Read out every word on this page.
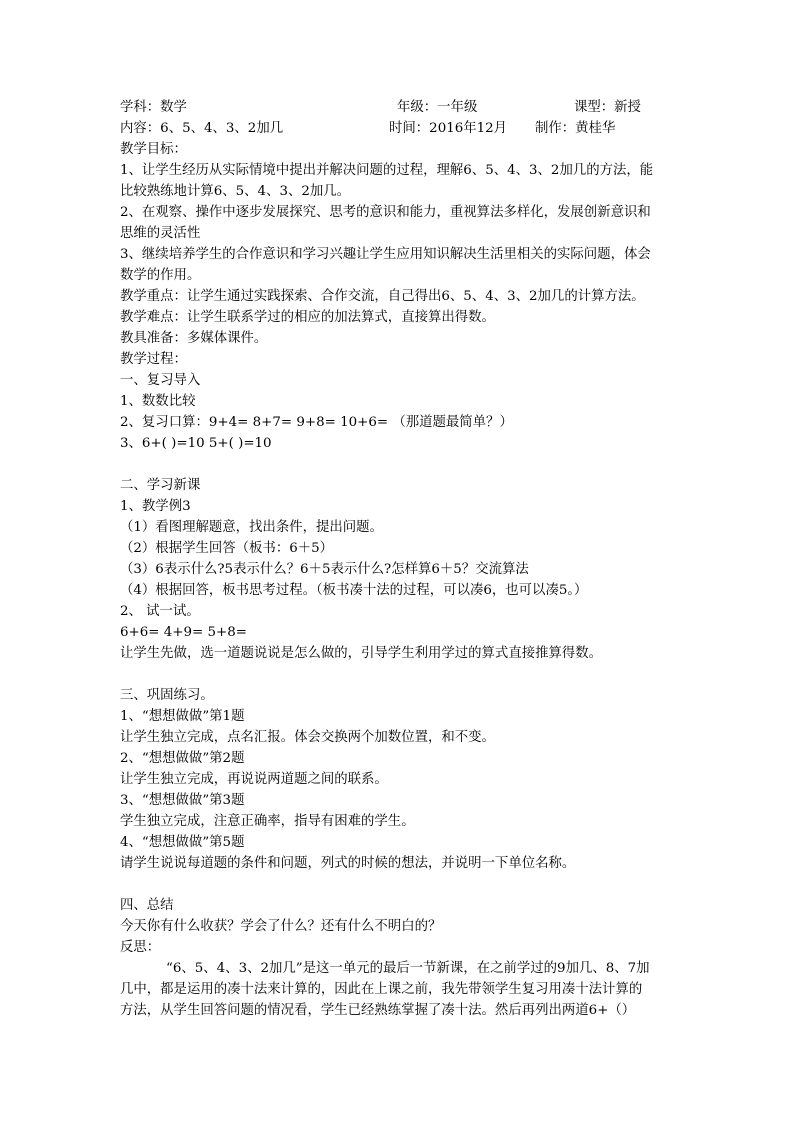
学科：数学	年级：一年级	课型：新授
内容：6、5、4、3、2加几	时间：2016年12月 制作：黄桂华
教学目标：
1、让学生经历从实际情境中提出并解决问题的过程，理解6、5、4、3、2加几的方法，能
比较熟练地计算6、5、4、3、2加几。
2、在观察、操作中逐步发展探究、思考的意识和能力，重视算法多样化，发展创新意识和
思维的灵活性
3、继续培养学生的合作意识和学习兴趣让学生应用知识解决生活里相关的实际问题，体会
数学的作用。
教学重点：让学生通过实践探索、合作交流，自己得出6、5、4、3、2加几的计算方法。
教学难点：让学生联系学过的相应的加法算式，直接算出得数。
教具准备：多媒体课件。
教学过程：
一、复习导入
1、数数比较
2、复习口算：9+4= 8+7= 9+8= 10+6= （那道题最简单？）
3、6+( )=10 5+( )=10
二、学习新课
1、教学例3
（1）看图理解题意，找出条件，提出问题。
（2）根据学生回答（板书：6＋5）
（3）6表示什么?5表示什么？6＋5表示什么?怎样算6＋5？交流算法
（4）根据回答，板书思考过程。（板书凑十法的过程，可以凑6，也可以凑5。）
2、 试一试。
6+6= 4+9= 5+8=
让学生先做，选一道题说说是怎么做的，引导学生利用学过的算式直接推算得数。
三、巩固练习。
1、“想想做做”第1题
让学生独立完成，点名汇报。体会交换两个加数位置，和不变。
2、“想想做做”第2题
让学生独立完成，再说说两道题之间的联系。
3、“想想做做”第3题
学生独立完成，注意正确率，指导有困难的学生。
4、“想想做做”第5题
请学生说说每道题的条件和问题，列式的时候的想法，并说明一下单位名称。
四、总结
今天你有什么收获？学会了什么？还有什么不明白的？
反思：
“6、5、4、3、2加几”是这一单元的最后一节新课，在之前学过的9加几、8、7加
几中，都是运用的凑十法来计算的，因此在上课之前，我先带领学生复习用凑十法计算的
方法，从学生回答问题的情况看，学生已经熟练掌握了凑十法。然后再列出两道6+（）
